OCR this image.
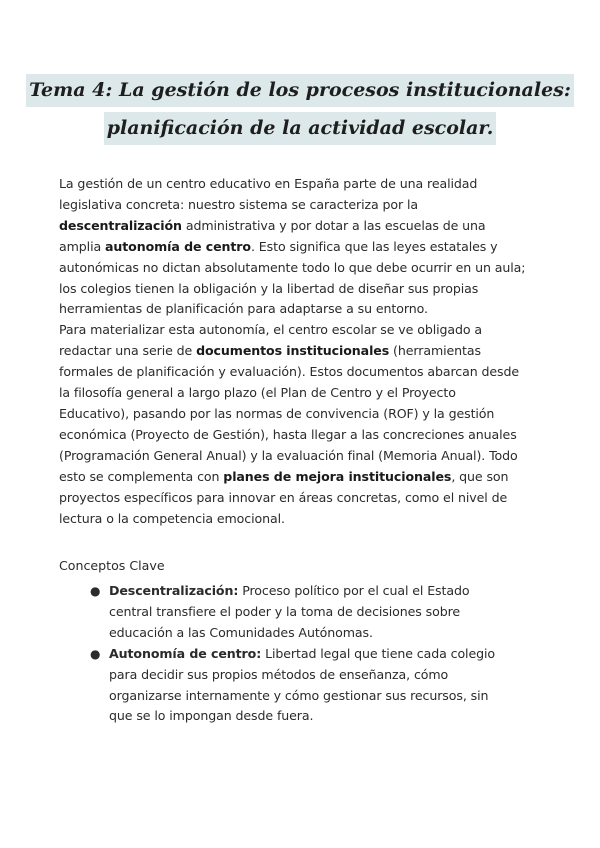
Tema 4: La gestión de los procesos institucionales:
planificación de la actividad escolar.

La gestión de un centro educativo en España parte de una realidad legislativa concreta: nuestro sistema se caracteriza por la descentralización administrativa y por dotar a las escuelas de una amplia autonomía de centro. Esto significa que las leyes estatales y autonómicas no dictan absolutamente todo lo que debe ocurrir en un aula; los colegios tienen la obligación y la libertad de diseñar sus propias herramientas de planificación para adaptarse a su entorno.

Para materializar esta autonomía, el centro escolar se ve obligado a redactar una serie de documentos institucionales (herramientas formales de planificación y evaluación). Estos documentos abarcan desde la filosofía general a largo plazo (el Plan de Centro y el Proyecto Educativo), pasando por las normas de convivencia (ROF) y la gestión económica (Proyecto de Gestión), hasta llegar a las concreciones anuales (Programación General Anual) y la evaluación final (Memoria Anual). Todo esto se complementa con planes de mejora institucionales, que son proyectos específicos para innovar en áreas concretas, como el nivel de lectura o la competencia emocional.

Conceptos Clave
● Descentralización: Proceso político por el cual el Estado central transfiere el poder y la toma de decisiones sobre educación a las Comunidades Autónomas.
● Autonomía de centro: Libertad legal que tiene cada colegio para decidir sus propios métodos de enseñanza, cómo organizarse internamente y cómo gestionar sus recursos, sin que se lo impongan desde fuera.
